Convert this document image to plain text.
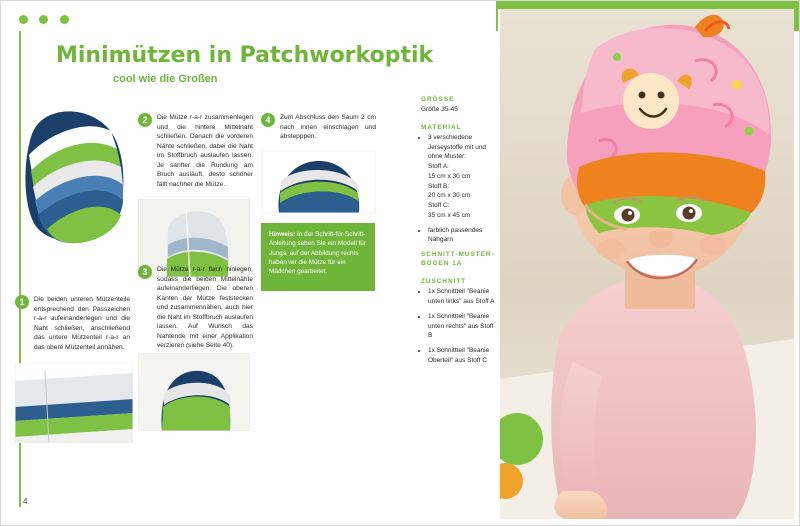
Minimützen in Patchworkoptik
cool wie die Großen
2	Die Mütze r-a-r zusammenlegen und die hintere Mittelnaht schließen. Danach die vorderen Nähte schließen, dabei die Naht im Stoffbruch auslaufen lassen. Je sanfter die Rundung am Bruch ausläuft, desto schöner fällt nachher die Mütze.
4	Zum Abschluss den Saum 2 cm nach innen einschlagen und abstepppen.
Hinweis: In der Schritt-für-Schritt-Anleitung sehen Sie ein Modell für Jungs, auf der Abbildung rechts haben wir die Mütze für ein Mädchen gearbeitet.
3	Die Mütze r-a-r flach hinlegen, sodass die beiden Mittelnähte aufeinanderliegen. Die oberen Kanten der Mütze feststecken und zusammennähen, auch hier die Naht im Stoffbruch auslaufen lassen. Auf Wunsch das Nahtende mit einer Applikation verzieren (siehe Seite 40).
1	Die beiden unteren Mützenteile entsprechend den Passzeichen r-a-r aufeinanderlegen und die Naht schließen, anschließend das untere Mützenteil r-a-r an das obere Mützenteil annähen.
GRÖSSE
Größe 35-45
MATERIAL
• 3 verschiedene Jerseystoffe mit und ohne Muster:
Stoff A:
15 cm x 30 cm
Stoff B:
20 cm x 30 cm
Stoff C:
35 cm x 45 cm
• farblich passendes Nähgarn
SCHNITT-MUSTER-BOGEN 1A
ZUSCHNITT
• 1x Schnittteil "Beanie unten links" aus Stoff A
• 1x Schnittteil "Beanie unten rechts" aus Stoff B
• 1x Schnittteil "Beanie Oberteil" aus Stoff C
4
